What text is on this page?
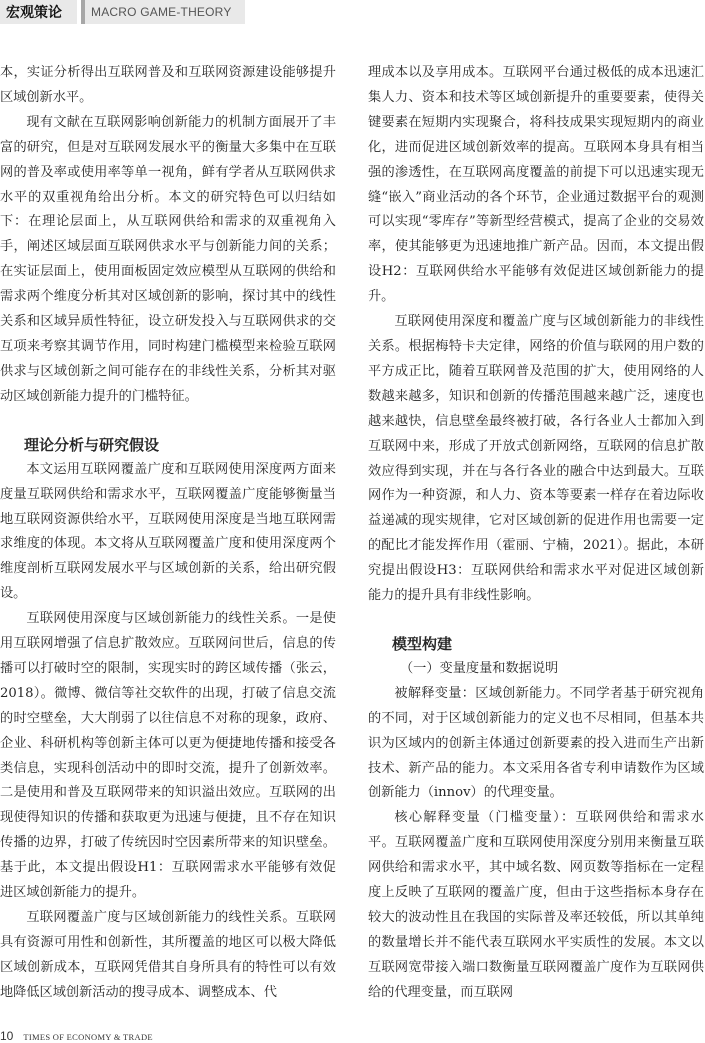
宏观策论	MACRO GAME-THEORY

本，实证分析得出互联网普及和互联网资源建设能够提升区域创新水平。

现有文献在互联网影响创新能力的机制方面展开了丰富的研究，但是对互联网发展水平的衡量大多集中在互联网的普及率或使用率等单一视角，鲜有学者从互联网供求水平的双重视角给出分析。本文的研究特色可以归结如下：在理论层面上，从互联网供给和需求的双重视角入手，阐述区域层面互联网供求水平与创新能力间的关系；在实证层面上，使用面板固定效应模型从互联网的供给和需求两个维度分析其对区域创新的影响，探讨其中的线性关系和区域异质性特征，设立研发投入与互联网供求的交互项来考察其调节作用，同时构建门槛模型来检验互联网供求与区域创新之间可能存在的非线性关系，分析其对驱动区域创新能力提升的门槛特征。

理论分析与研究假设

本文运用互联网覆盖广度和互联网使用深度两方面来度量互联网供给和需求水平，互联网覆盖广度能够衡量当地互联网资源供给水平，互联网使用深度是当地互联网需求维度的体现。本文将从互联网覆盖广度和使用深度两个维度剖析互联网发展水平与区域创新的关系，给出研究假设。

互联网使用深度与区域创新能力的线性关系。一是使用互联网增强了信息扩散效应。互联网问世后，信息的传播可以打破时空的限制，实现实时的跨区域传播（张云，2018）。微博、微信等社交软件的出现，打破了信息交流的时空壁垒，大大削弱了以往信息不对称的现象，政府、企业、科研机构等创新主体可以更为便捷地传播和接受各类信息，实现科创活动中的即时交流，提升了创新效率。二是使用和普及互联网带来的知识溢出效应。互联网的出现使得知识的传播和获取更为迅速与便捷，且不存在知识传播的边界，打破了传统因时空因素所带来的知识壁垒。基于此，本文提出假设H1：互联网需求水平能够有效促进区域创新能力的提升。

互联网覆盖广度与区域创新能力的线性关系。互联网具有资源可用性和创新性，其所覆盖的地区可以极大降低区域创新成本，互联网凭借其自身所具有的特性可以有效地降低区域创新活动的搜寻成本、调整成本、代

理成本以及享用成本。互联网平台通过极低的成本迅速汇集人力、资本和技术等区域创新提升的重要要素，使得关键要素在短期内实现聚合，将科技成果实现短期内的商业化，进而促进区域创新效率的提高。互联网本身具有相当强的渗透性，在互联网高度覆盖的前提下可以迅速实现无缝“嵌入”商业活动的各个环节，企业通过数据平台的观测可以实现“零库存”等新型经营模式，提高了企业的交易效率，使其能够更为迅速地推广新产品。因而，本文提出假设H2：互联网供给水平能够有效促进区域创新能力的提升。

互联网使用深度和覆盖广度与区域创新能力的非线性关系。根据梅特卡夫定律，网络的价值与联网的用户数的平方成正比，随着互联网普及范围的扩大，使用网络的人数越来越多，知识和创新的传播范围越来越广泛，速度也越来越快，信息壁垒最终被打破，各行各业人士都加入到互联网中来，形成了开放式创新网络，互联网的信息扩散效应得到实现，并在与各行各业的融合中达到最大。互联网作为一种资源，和人力、资本等要素一样存在着边际收益递减的现实规律，它对区域创新的促进作用也需要一定的配比才能发挥作用（霍丽、宁楠，2021）。据此，本研究提出假设H3：互联网供给和需求水平对促进区域创新能力的提升具有非线性影响。

模型构建

（一）变量度量和数据说明

被解释变量：区域创新能力。不同学者基于研究视角的不同，对于区域创新能力的定义也不尽相同，但基本共识为区域内的创新主体通过创新要素的投入进而生产出新技术、新产品的能力。本文采用各省专利申请数作为区域创新能力（innov）的代理变量。

核心解释变量（门槛变量）：互联网供给和需求水平。互联网覆盖广度和互联网使用深度分别用来衡量互联网供给和需求水平，其中域名数、网页数等指标在一定程度上反映了互联网的覆盖广度，但由于这些指标本身存在较大的波动性且在我国的实际普及率还较低，所以其单纯的数量增长并不能代表互联网水平实质性的发展。本文以互联网宽带接入端口数衡量互联网覆盖广度作为互联网供给的代理变量，而互联网

10 TIMES OF ECONOMY & TRADE
